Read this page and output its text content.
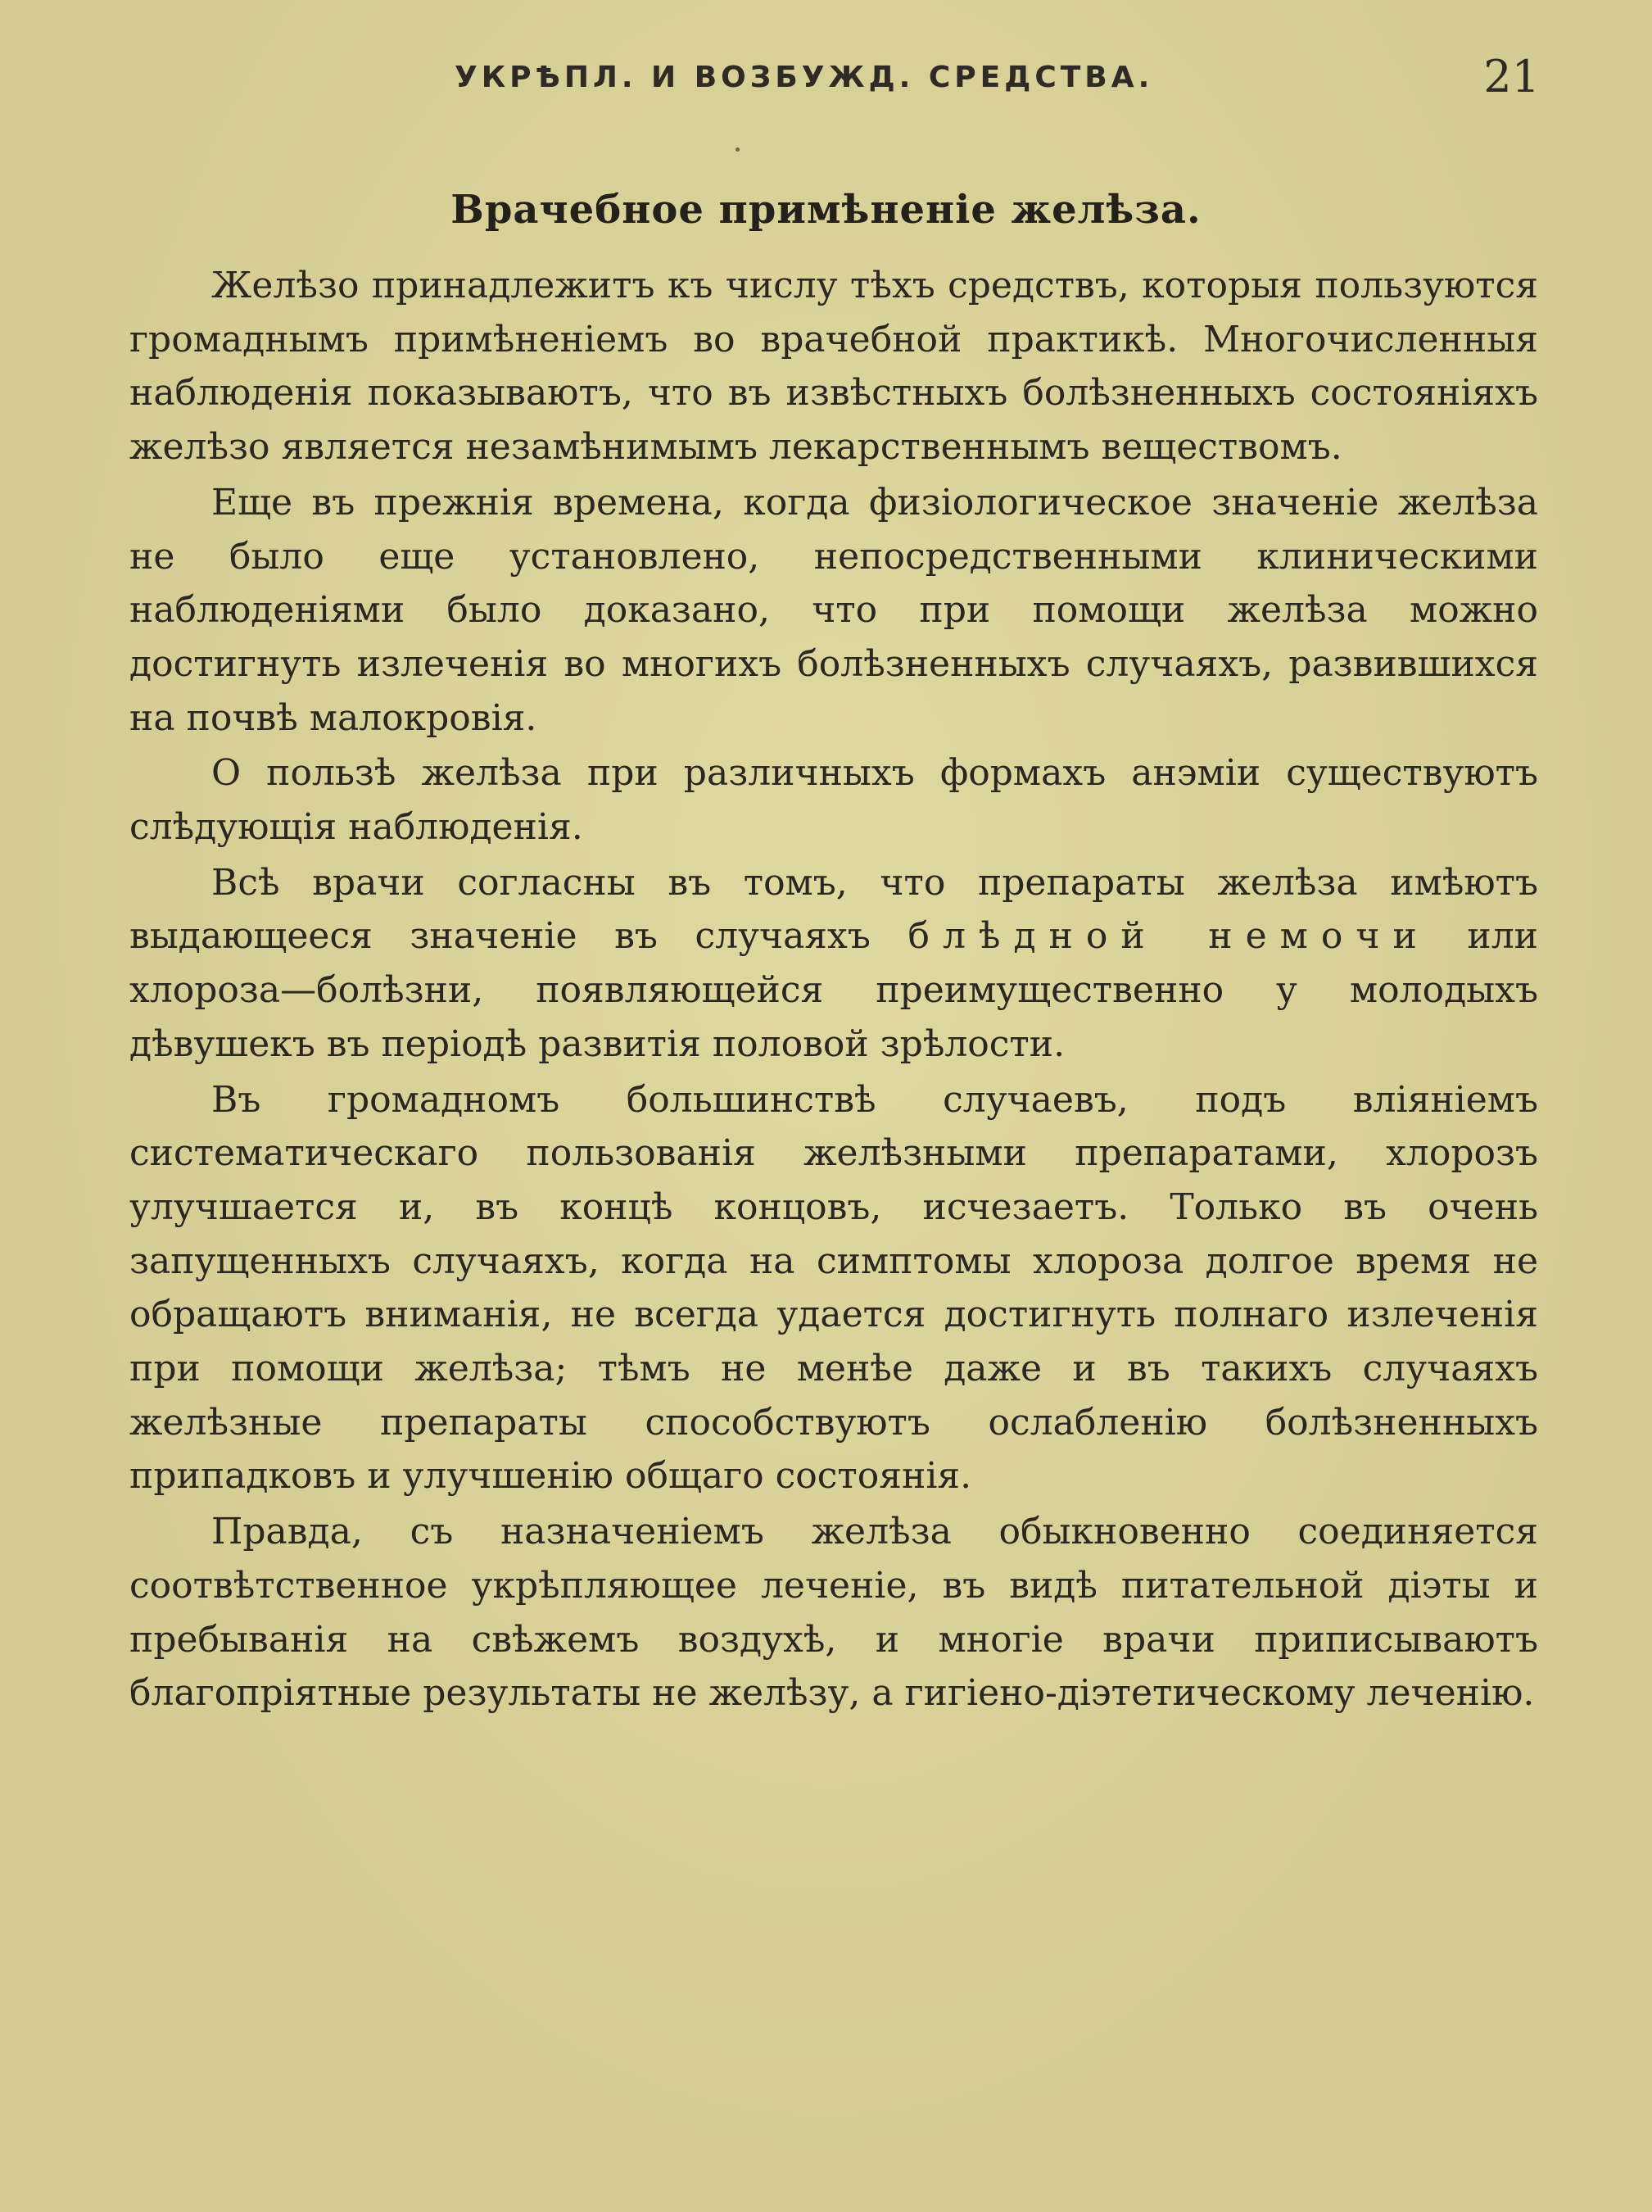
УКРѢПЛ. И ВОЗБУЖД. СРЕДСТВА.	21
Врачебное примѣненіе желѣза.

Желѣзо принадлежитъ къ числу тѣхъ средствъ, которыя пользуются громаднымъ примѣненіемъ во врачебной практикѣ. Многочисленныя наблюденія показываютъ, что въ извѣстныхъ болѣзненныхъ состояніяхъ желѣзо является незамѣнимымъ лекарственнымъ веществомъ.

Еще въ прежнія времена, когда физіологическое значеніе желѣза не было еще установлено, непосредственными клиническими наблюденіями было доказано, что при помощи желѣза можно достигнуть излеченія во многихъ болѣзненныхъ случаяхъ, развившихся на почвѣ малокровія.

О пользѣ желѣза при различныхъ формахъ анэміи существуютъ слѣдующія наблюденія.

Всѣ врачи согласны въ томъ, что препараты желѣза имѣютъ выдающееся значеніе въ случаяхъ блѣдной немочи или хлороза—болѣзни, появляющейся преимущественно у молодыхъ дѣвушекъ въ періодѣ развитія половой зрѣлости.

Въ громадномъ большинствѣ случаевъ, подъ вліяніемъ систематическаго пользованія желѣзными препаратами, хлорозъ улучшается и, въ концѣ концовъ, исчезаетъ. Только въ очень запущенныхъ случаяхъ, когда на симптомы хлороза долгое время не обращаютъ вниманія, не всегда удается достигнуть полнаго излеченія при помощи желѣза; тѣмъ не менѣе даже и въ такихъ случаяхъ желѣзные препараты способствуютъ ослабленію болѣзненныхъ припадковъ и улучшенію общаго состоянія.

Правда, съ назначеніемъ желѣза обыкновенно соединяется соотвѣтственное укрѣпляющее леченіе, въ видѣ питательной діэты и пребыванія на свѣжемъ воздухѣ, и многіе врачи приписываютъ благопріятные результаты не желѣзу, а гигіено-діэтетическому леченію.
